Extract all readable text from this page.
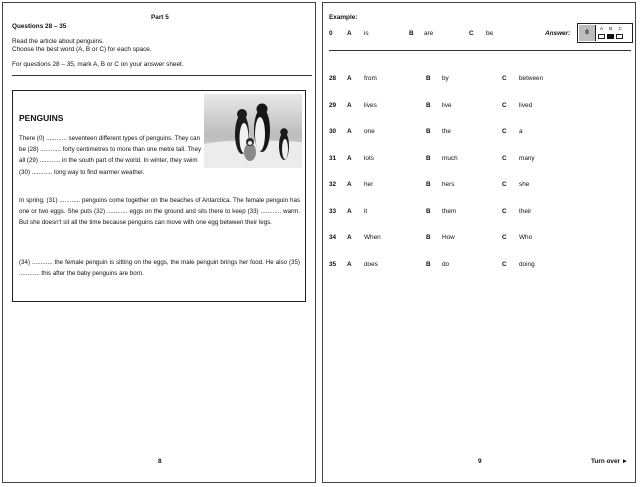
Part 5
Questions 28 – 35
Read the article about penguins.
Choose the best word (A, B or C) for each space.
For questions 28 – 35, mark A, B or C on your answer sheet.
PENGUINS

There (0) ............ seventeen different types of penguins. They can be (28) ............ forty centimetres to more than one metre tall. They all (29) ............ in the south part of the world. In winter, they swim (30) ............ long way to find warmer weather.

In spring, (31) ............ penguins come together on the beaches of Antarctica. The female penguin has one or two eggs. She puts (32) ............ eggs on the ground and sits there to keep (33) ............ warm. But she doesn't sit all the time because penguins can move with one egg between their legs.

(34) ............ the female penguin is sitting on the eggs, the male penguin brings her food. He also (35) ............ this after the baby penguins are born.

8
Example:
0 A is	B are	C be	Answer:	0
A B C
28 A from	B by	C between
29 A lives	B live	C lived
30 A one	B the	C a
31 A lots	B much	C many
32 A her	B hers	C she
33 A it	B them	C their
34 A When	B How	C Who
35 A does	B do	C doing
9	Turn over ►
